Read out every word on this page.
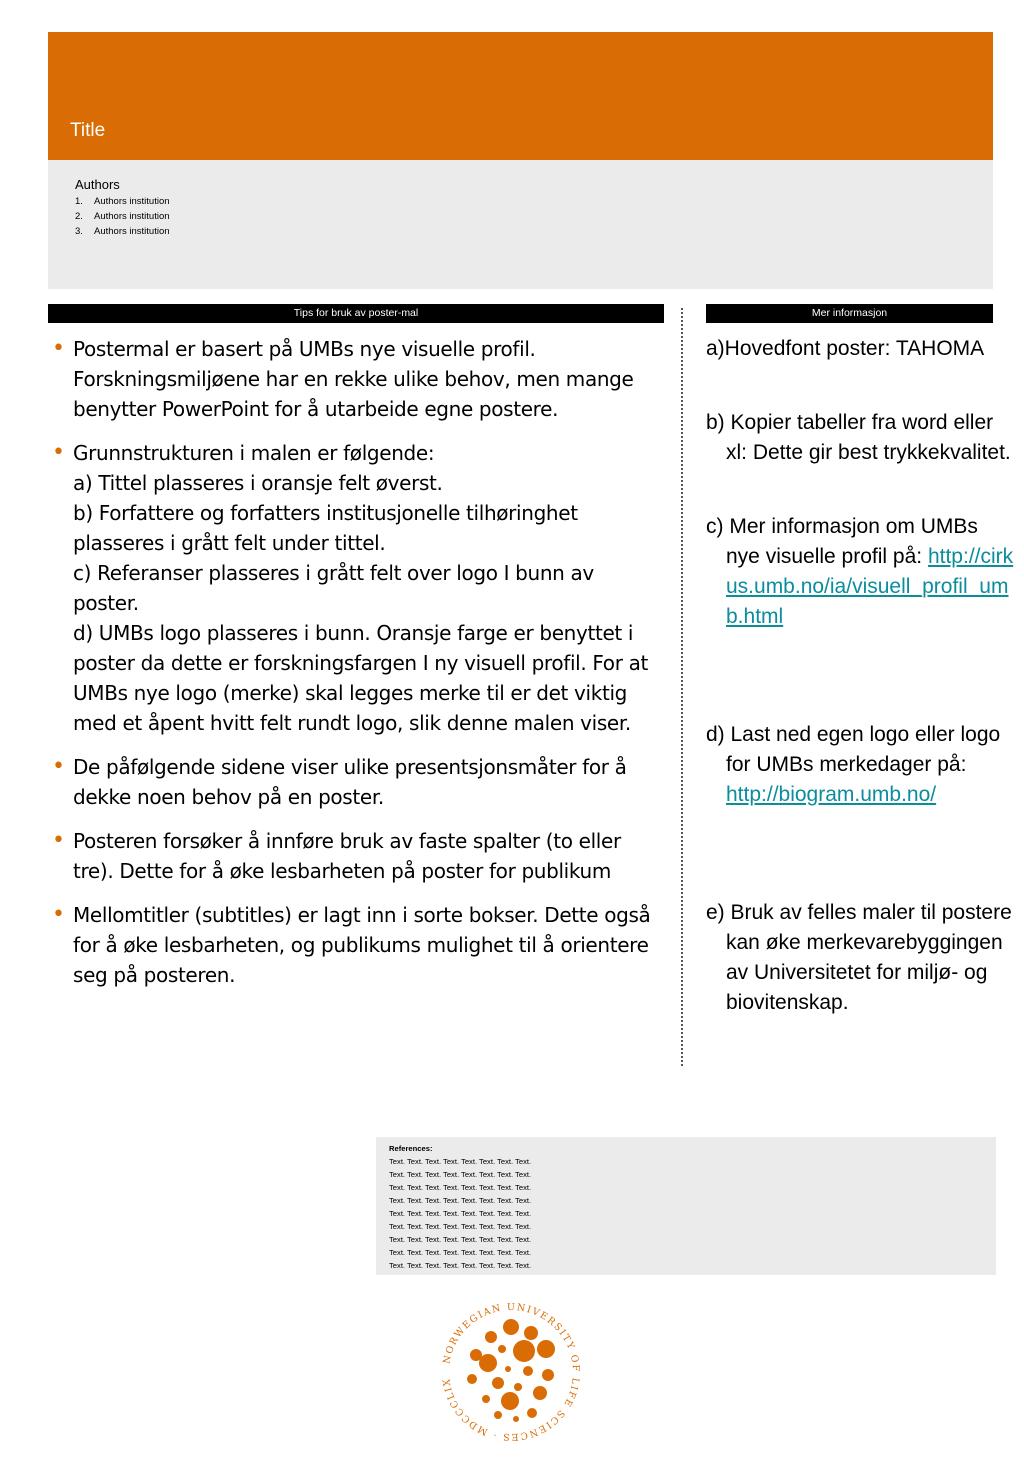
Title
Authors
1. Authors institution
2. Authors institution
3. Authors institution
Tips for bruk av poster-mal	Mer informasjon
• Postermal er basert på UMBs nye visuelle profil. Forskningsmiljøene har en rekke ulike behov, men mange benytter PowerPoint for å utarbeide egne postere.
• Grunnstrukturen i malen er følgende:
a) Tittel plasseres i oransje felt øverst.
b) Forfattere og forfatters institusjonelle tilhøringhet plasseres i grått felt under tittel.
c) Referanser plasseres i grått felt over logo I bunn av poster.
d) UMBs logo plasseres i bunn. Oransje farge er benyttet i poster da dette er forskningsfargen I ny visuell profil. For at UMBs nye logo (merke) skal legges merke til er det viktig med et åpent hvitt felt rundt logo, slik denne malen viser.
• De påfølgende sidene viser ulike presentsjonsmåter for å dekke noen behov på en poster.
• Posteren forsøker å innføre bruk av faste spalter (to eller tre). Dette for å øke lesbarheten på poster for publikum
• Mellomtitler (subtitles) er lagt inn i sorte bokser. Dette også for å øke lesbarheten, og publikums mulighet til å orientere seg på posteren.
a)Hovedfont poster: TAHOMA
b) Kopier tabeller fra word eller xl: Dette gir best trykkekvalitet.
c) Mer informasjon om UMBs nye visuelle profil på: http://cirkus.umb.no/ia/visuell_profil_umb.html
d) Last ned egen logo eller logo for UMBs merkedager på: http://biogram.umb.no/
e) Bruk av felles maler til postere kan øke merkevarebyggingen av Universitetet for miljø- og biovitenskap.
References:
Text. Text. Text. Text. Text. Text. Text. Text.
Text. Text. Text. Text. Text. Text. Text. Text.
Text. Text. Text. Text. Text. Text. Text. Text.
Text. Text. Text. Text. Text. Text. Text. Text.
Text. Text. Text. Text. Text. Text. Text. Text.
Text. Text. Text. Text. Text. Text. Text. Text.
Text. Text. Text. Text. Text. Text. Text. Text.
Text. Text. Text. Text. Text. Text. Text. Text.
Text. Text. Text. Text. Text. Text. Text. Text.
NORWEGIAN UNIVERSITY OF LIFE SCIENCES · MDCCCLIX
